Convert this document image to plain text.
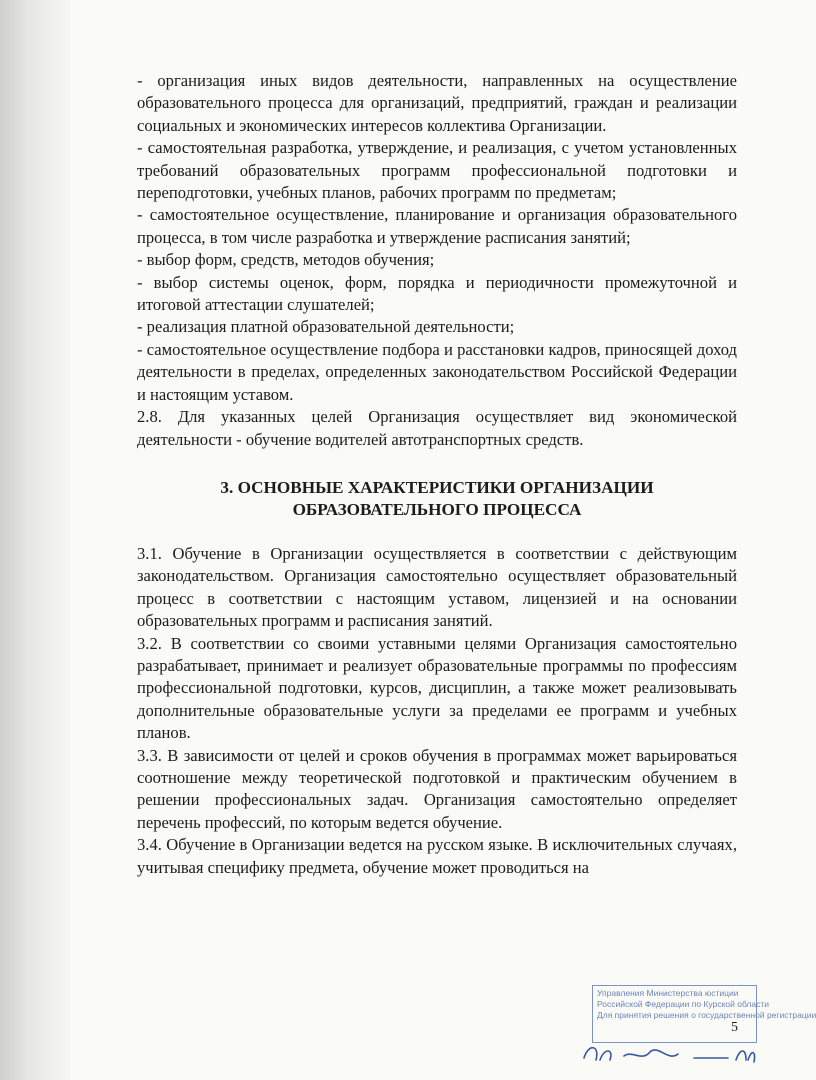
- организация иных видов деятельности, направленных на осуществление образовательного процесса для организаций, предприятий, граждан и реализации социальных и экономических интересов коллектива Организации.

- самостоятельная разработка, утверждение, и реализация, с учетом установленных требований образовательных программ профессиональной подготовки и переподготовки, учебных планов, рабочих программ по предметам;

- самостоятельное осуществление, планирование и организация образовательного процесса, в том числе разработка и утверждение расписания занятий;

- выбор форм, средств, методов обучения;

- выбор системы оценок, форм, порядка и периодичности промежуточной и итоговой аттестации слушателей;

- реализация платной образовательной деятельности;

- самостоятельное осуществление подбора и расстановки кадров, приносящей доход деятельности в пределах, определенных законодательством Российской Федерации и настоящим уставом.

2.8. Для указанных целей Организация осуществляет вид экономической деятельности - обучение водителей автотранспортных средств.

3. ОСНОВНЫЕ ХАРАКТЕРИСТИКИ ОРГАНИЗАЦИИ
ОБРАЗОВАТЕЛЬНОГО ПРОЦЕССА

3.1. Обучение в Организации осуществляется в соответствии с действующим законодательством. Организация самостоятельно осуществляет образовательный процесс в соответствии с настоящим уставом, лицензией и на основании образовательных программ и расписания занятий.

3.2. В соответствии со своими уставными целями Организация самостоятельно разрабатывает, принимает и реализует образовательные программы по профессиям профессиональной подготовки, курсов, дисциплин, а также может реализовывать дополнительные образовательные услуги за пределами ее программ и учебных планов.

3.3. В зависимости от целей и сроков обучения в программах может варьироваться соотношение между теоретической подготовкой и практическим обучением в решении профессиональных задач. Организация самостоятельно определяет перечень профессий, по которым ведется обучение.

3.4. Обучение в Организации ведется на русском языке. В исключительных случаях, учитывая специфику предмета, обучение может проводиться на

Управления Министерства юстиции
Российской Федерации по Курской области
Для принятия решения о государственной регистрации
5
